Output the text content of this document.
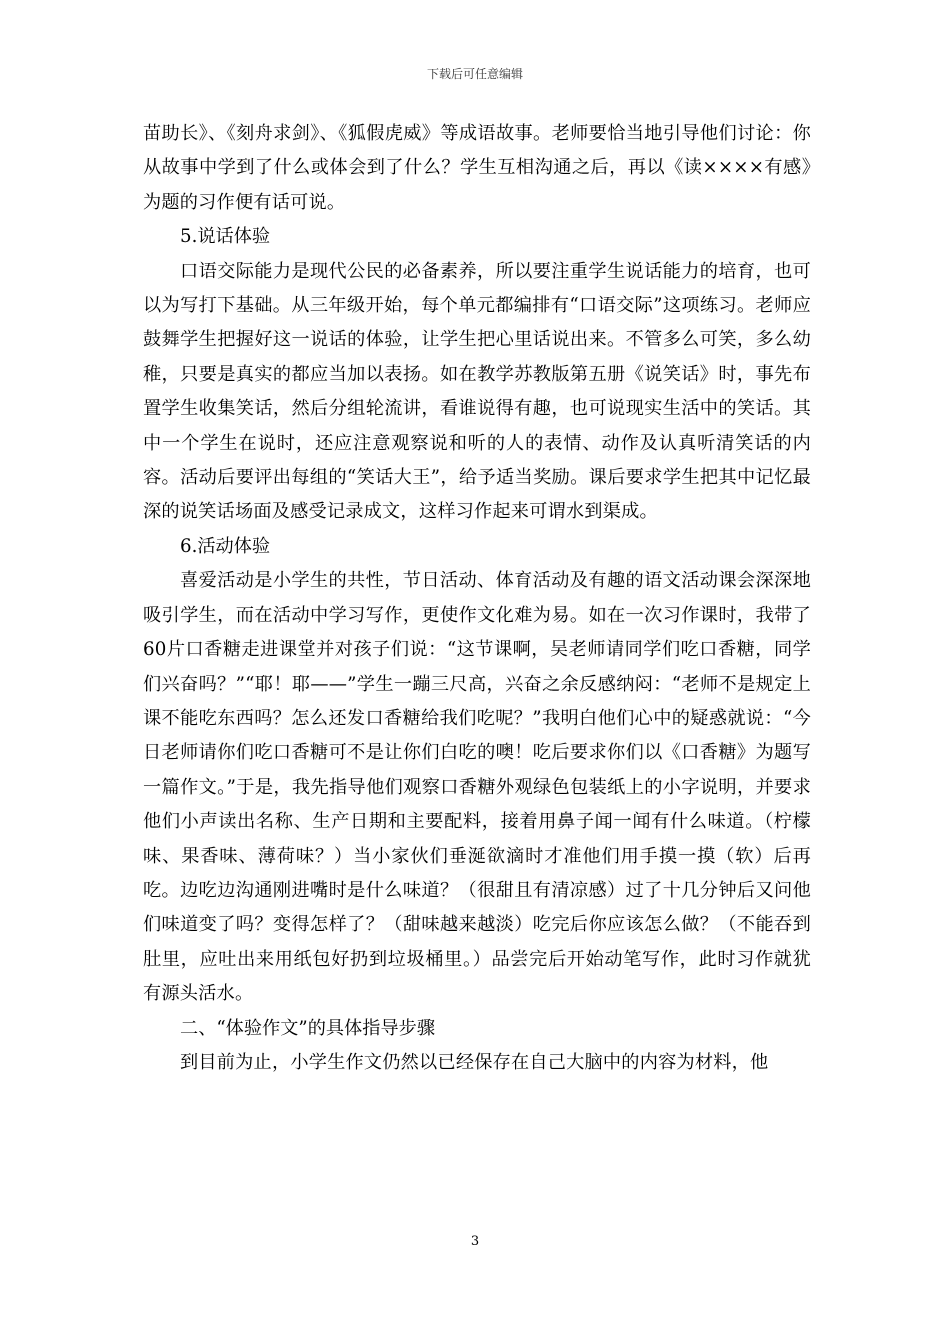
下载后可任意编辑

苗助长》、《刻舟求剑》、《狐假虎威》等成语故事。老师要恰当地引导他们讨论：你从故事中学到了什么或体会到了什么？学生互相沟通之后，再以《读××××有感》为题的习作便有话可说。

5.说话体验

口语交际能力是现代公民的必备素养，所以要注重学生说话能力的培育，也可以为写打下基础。从三年级开始，每个单元都编排有“口语交际”这项练习。老师应鼓舞学生把握好这一说话的体验，让学生把心里话说出来。不管多么可笑，多么幼稚，只要是真实的都应当加以表扬。如在教学苏教版第五册《说笑话》时，事先布置学生收集笑话，然后分组轮流讲，看谁说得有趣，也可说现实生活中的笑话。其中一个学生在说时，还应注意观察说和听的人的表情、动作及认真听清笑话的内容。活动后要评出每组的“笑话大王”，给予适当奖励。课后要求学生把其中记忆最深的说笑话场面及感受记录成文，这样习作起来可谓水到渠成。

6.活动体验

喜爱活动是小学生的共性，节日活动、体育活动及有趣的语文活动课会深深地吸引学生，而在活动中学习写作，更使作文化难为易。如在一次习作课时，我带了60片口香糖走进课堂并对孩子们说：“这节课啊，吴老师请同学们吃口香糖，同学们兴奋吗？”“耶！耶——”学生一蹦三尺高，兴奋之余反感纳闷：“老师不是规定上课不能吃东西吗？怎么还发口香糖给我们吃呢？”我明白他们心中的疑惑就说：“今日老师请你们吃口香糖可不是让你们白吃的噢！吃后要求你们以《口香糖》为题写一篇作文。”于是，我先指导他们观察口香糖外观绿色包装纸上的小字说明，并要求他们小声读出名称、生产日期和主要配料，接着用鼻子闻一闻有什么味道。（柠檬味、果香味、薄荷味？）当小家伙们垂涎欲滴时才准他们用手摸一摸（软）后再吃。边吃边沟通刚进嘴时是什么味道？（很甜且有清凉感）过了十几分钟后又问他们味道变了吗？变得怎样了？（甜味越来越淡）吃完后你应该怎么做？（不能吞到肚里，应吐出来用纸包好扔到垃圾桶里。）品尝完后开始动笔写作，此时习作就犹有源头活水。

二、“体验作文”的具体指导步骤

到目前为止，小学生作文仍然以已经保存在自己大脑中的内容为材料，他

3
